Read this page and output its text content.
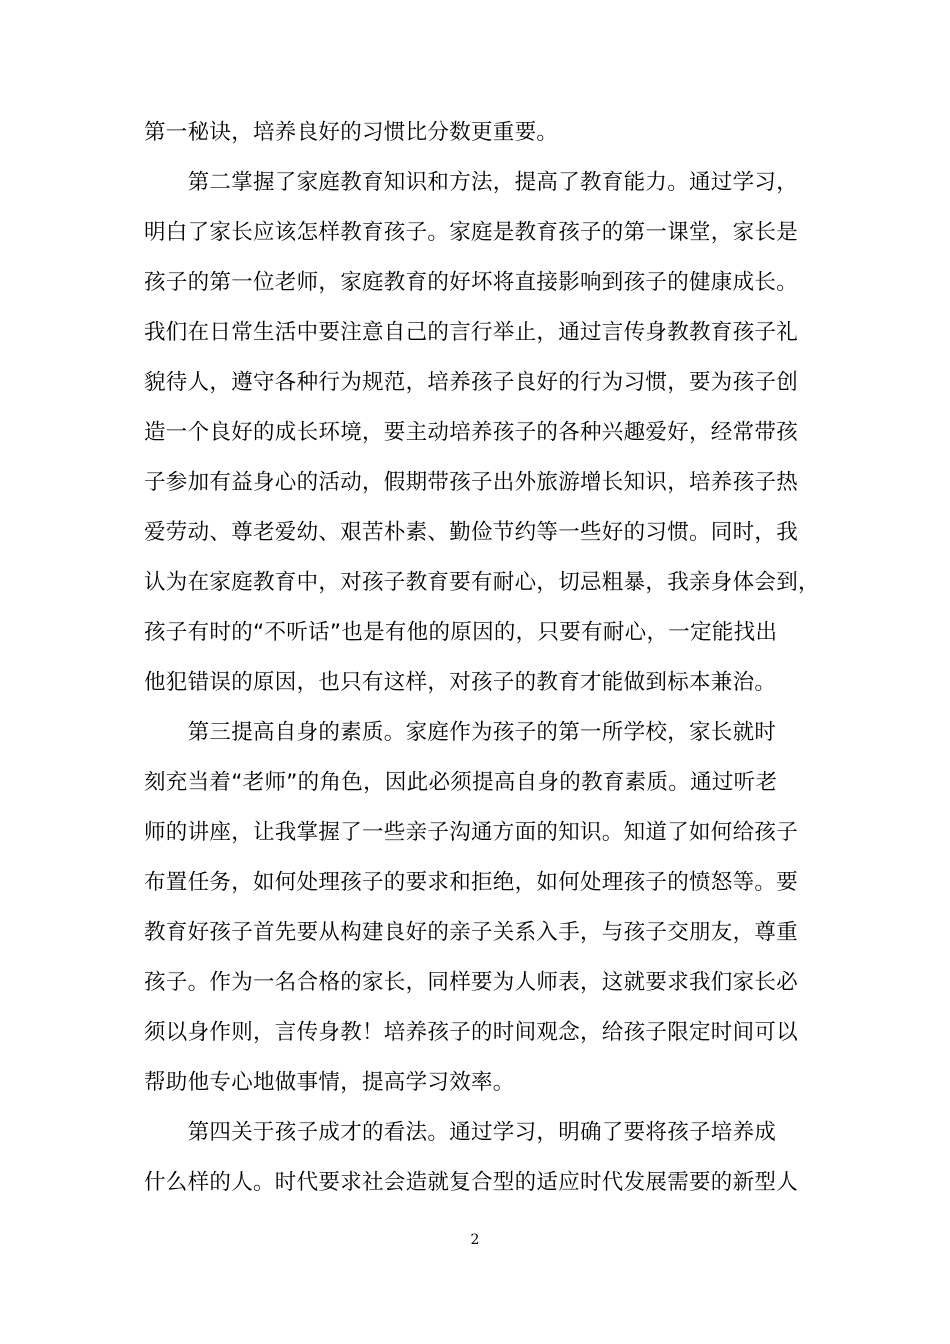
第一秘诀，培养良好的习惯比分数更重要。
　　第二掌握了家庭教育知识和方法，提高了教育能力。通过学习，
明白了家长应该怎样教育孩子。家庭是教育孩子的第一课堂，家长是
孩子的第一位老师，家庭教育的好坏将直接影响到孩子的健康成长。
我们在日常生活中要注意自己的言行举止，通过言传身教教育孩子礼
貌待人，遵守各种行为规范，培养孩子良好的行为习惯，要为孩子创
造一个良好的成长环境，要主动培养孩子的各种兴趣爱好，经常带孩
子参加有益身心的活动，假期带孩子出外旅游增长知识，培养孩子热
爱劳动、尊老爱幼、艰苦朴素、勤俭节约等一些好的习惯。同时，我
认为在家庭教育中，对孩子教育要有耐心，切忌粗暴，我亲身体会到，
孩子有时的“不听话”也是有他的原因的，只要有耐心，一定能找出
他犯错误的原因，也只有这样，对孩子的教育才能做到标本兼治。
　　第三提高自身的素质。家庭作为孩子的第一所学校，家长就时
刻充当着“老师”的角色，因此必须提高自身的教育素质。通过听老
师的讲座，让我掌握了一些亲子沟通方面的知识。知道了如何给孩子
布置任务，如何处理孩子的要求和拒绝，如何处理孩子的愤怒等。要
教育好孩子首先要从构建良好的亲子关系入手，与孩子交朋友，尊重
孩子。作为一名合格的家长，同样要为人师表，这就要求我们家长必
须以身作则，言传身教！培养孩子的时间观念，给孩子限定时间可以
帮助他专心地做事情，提高学习效率。
　　第四关于孩子成才的看法。通过学习，明确了要将孩子培养成
什么样的人。时代要求社会造就复合型的适应时代发展需要的新型人
2
